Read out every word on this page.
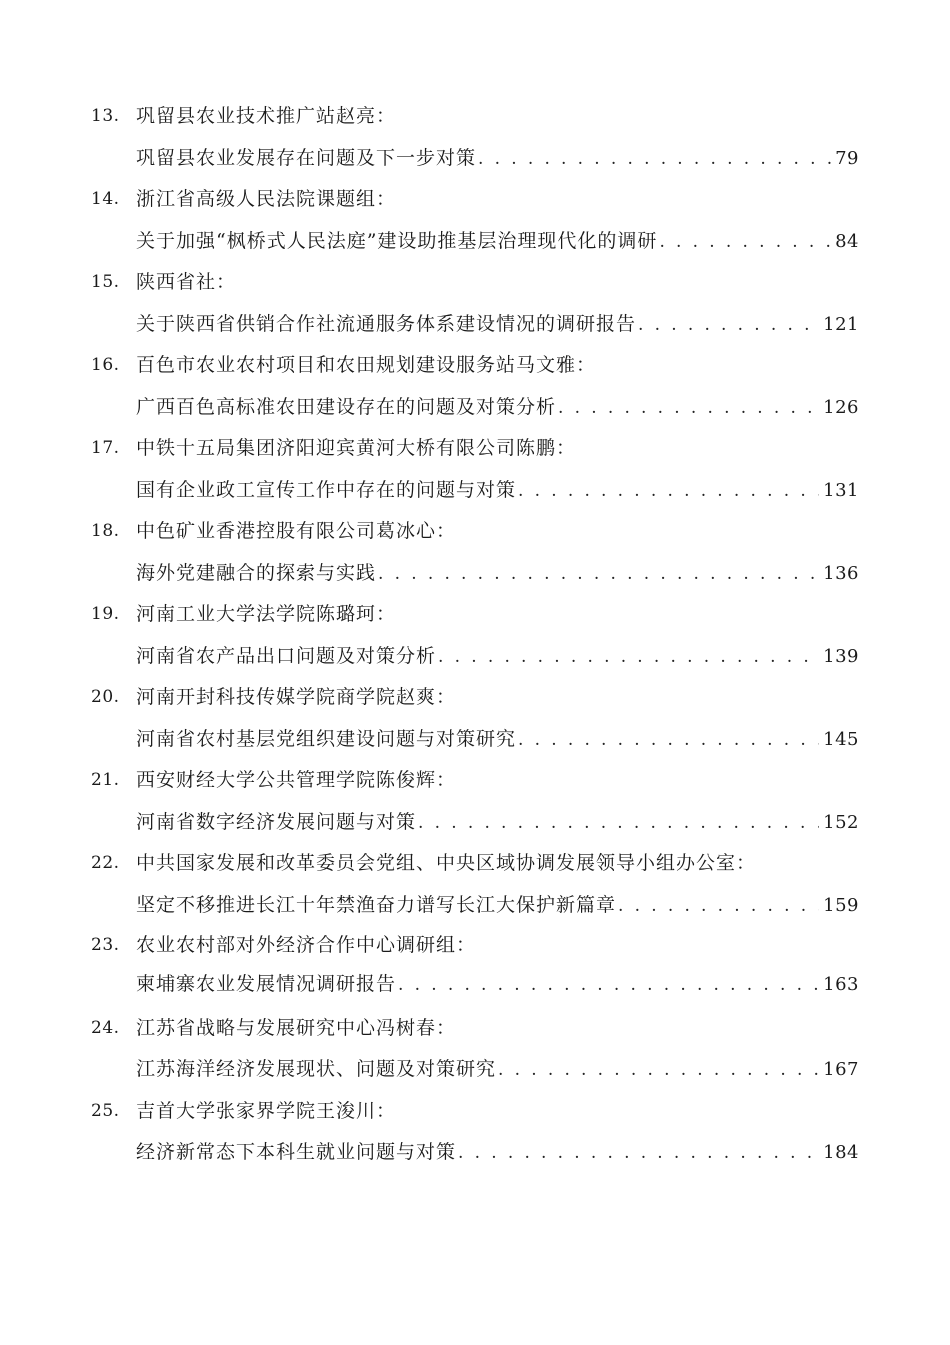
13. 巩留县农业技术推广站赵亮：
巩留县农业发展存在问题及下一步对策 . . .	79
14. 浙江省高级人民法院课题组：
关于加强“枫桥式人民法庭”建设助推基层治理现代化的调研 . . .	84
15. 陕西省社：
关于陕西省供销合作社流通服务体系建设情况的调研报告 . . .	121
16. 百色市农业农村项目和农田规划建设服务站马文雅：
广西百色高标准农田建设存在的问题及对策分析 . . .	126
17. 中铁十五局集团济阳迎宾黄河大桥有限公司陈鹏：
国有企业政工宣传工作中存在的问题与对策 . . .	131
18. 中色矿业香港控股有限公司葛冰心：
海外党建融合的探索与实践 . . .	136
19. 河南工业大学法学院陈璐珂：
河南省农产品出口问题及对策分析 . . .	139
20. 河南开封科技传媒学院商学院赵爽：
河南省农村基层党组织建设问题与对策研究 . . .	145
21. 西安财经大学公共管理学院陈俊辉：
河南省数字经济发展问题与对策 . . .	152
22. 中共国家发展和改革委员会党组、中央区域协调发展领导小组办公室：
坚定不移推进长江十年禁渔奋力谱写长江大保护新篇章 . . .	159
23. 农业农村部对外经济合作中心调研组：
柬埔寨农业发展情况调研报告 . . .	163
24. 江苏省战略与发展研究中心冯树春：
江苏海洋经济发展现状、问题及对策研究 . . .	167
25. 吉首大学张家界学院王浚川：
经济新常态下本科生就业问题与对策 . . .	184
